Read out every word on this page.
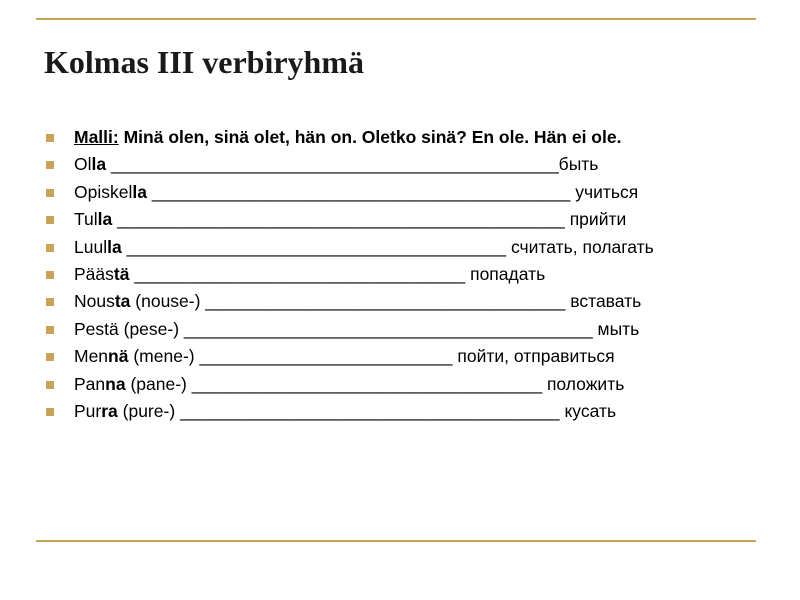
Kolmas III verbiryhmä
Malli: Minä olen, sinä olet, hän on. Oletko sinä? En ole. Hän ei ole.
Olla ______________________________________________быть
Opiskella ___________________________________________ учиться
Tulla ______________________________________________ прийти
Luulla _______________________________________ считать, полагать
Päästä __________________________________ попадать
Nousta (nouse-) _____________________________________ вставать
Pestä (pese-) __________________________________________ мыть
Mennä (mene-) __________________________ пойти, отправиться
Panna (pane-) ____________________________________ положить
Purra (pure-) _______________________________________ кусать
